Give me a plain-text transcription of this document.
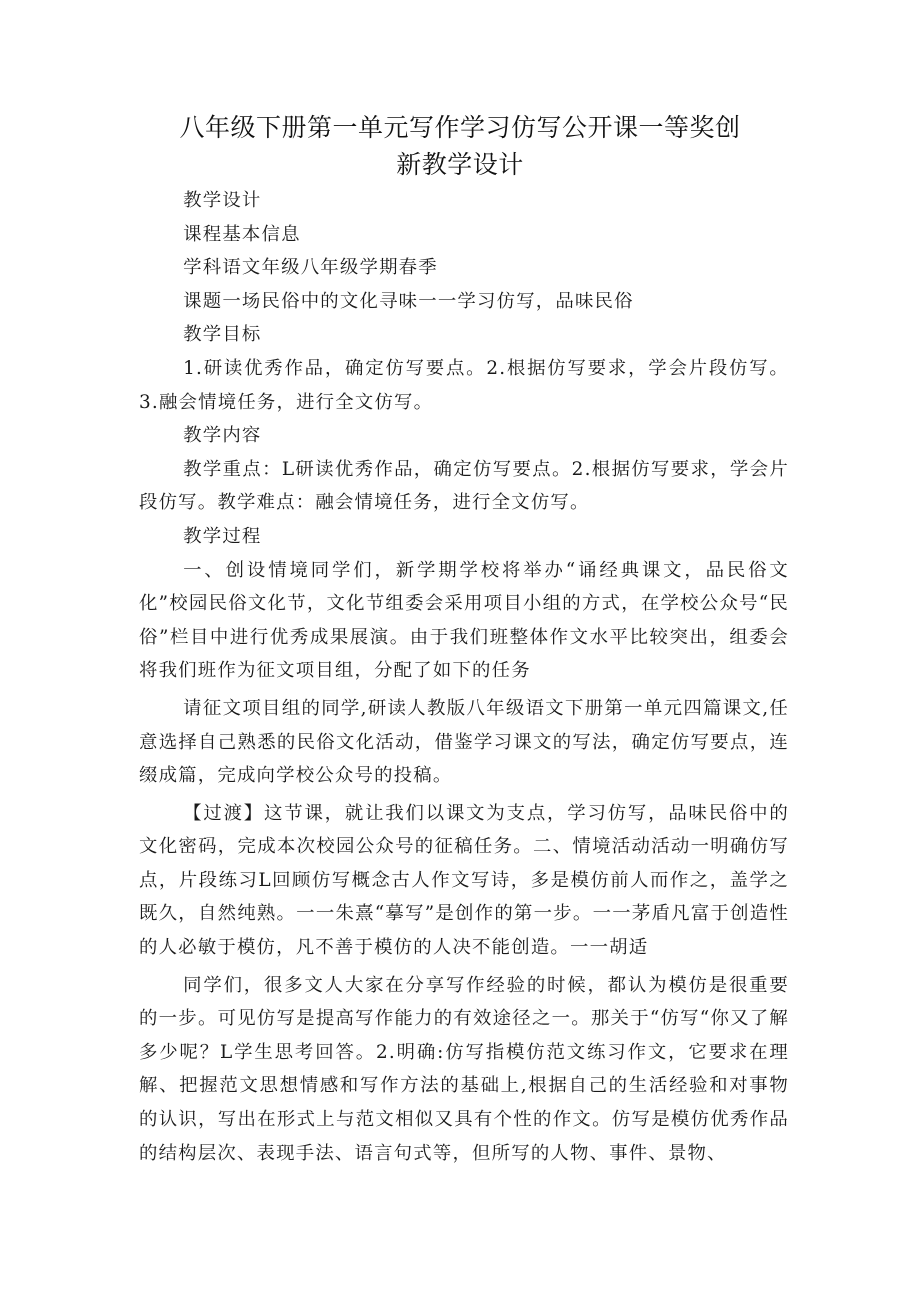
八年级下册第一单元写作学习仿写公开课一等奖创
新教学设计

教学设计

课程基本信息

学科语文年级八年级学期春季

课题一场民俗中的文化寻味一一学习仿写，品味民俗

教学目标

1.研读优秀作品，确定仿写要点。2.根据仿写要求，学会片段仿写。3.融会情境任务，进行全文仿写。

教学内容

教学重点：L研读优秀作品，确定仿写要点。2.根据仿写要求，学会片段仿写。教学难点：融会情境任务，进行全文仿写。

教学过程

一、创设情境同学们，新学期学校将举办“诵经典课文，品民俗文化”校园民俗文化节，文化节组委会采用项目小组的方式，在学校公众号“民俗”栏目中进行优秀成果展演。由于我们班整体作文水平比较突出，组委会将我们班作为征文项目组，分配了如下的任务

请征文项目组的同学,研读人教版八年级语文下册第一单元四篇课文,任意选择自己熟悉的民俗文化活动，借鉴学习课文的写法，确定仿写要点，连缀成篇，完成向学校公众号的投稿。

【过渡】这节课，就让我们以课文为支点，学习仿写，品味民俗中的文化密码，完成本次校园公众号的征稿任务。二、情境活动活动一明确仿写点，片段练习L回顾仿写概念古人作文写诗，多是模仿前人而作之，盖学之既久，自然纯熟。一一朱熹“摹写”是创作的第一步。一一茅盾凡富于创造性的人必敏于模仿，凡不善于模仿的人决不能创造。一一胡适

同学们，很多文人大家在分享写作经验的时候，都认为模仿是很重要的一步。可见仿写是提高写作能力的有效途径之一。那关于“仿写“你又了解多少呢？L学生思考回答。2.明确:仿写指模仿范文练习作文，它要求在理解、把握范文思想情感和写作方法的基础上,根据自己的生活经验和对事物的认识，写出在形式上与范文相似又具有个性的作文。仿写是模仿优秀作品的结构层次、表现手法、语言句式等，但所写的人物、事件、景物、
